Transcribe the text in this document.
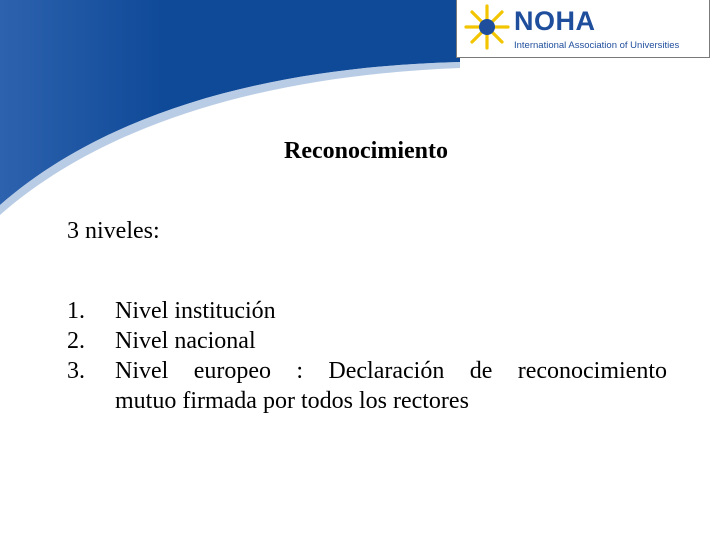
NOHA
International Association of Universities
Reconocimiento
3 niveles:
1.	Nivel institución
2.	Nivel nacional
3.	Nivel europeo : Declaración de reconocimiento
mutuo firmada por todos los rectores
